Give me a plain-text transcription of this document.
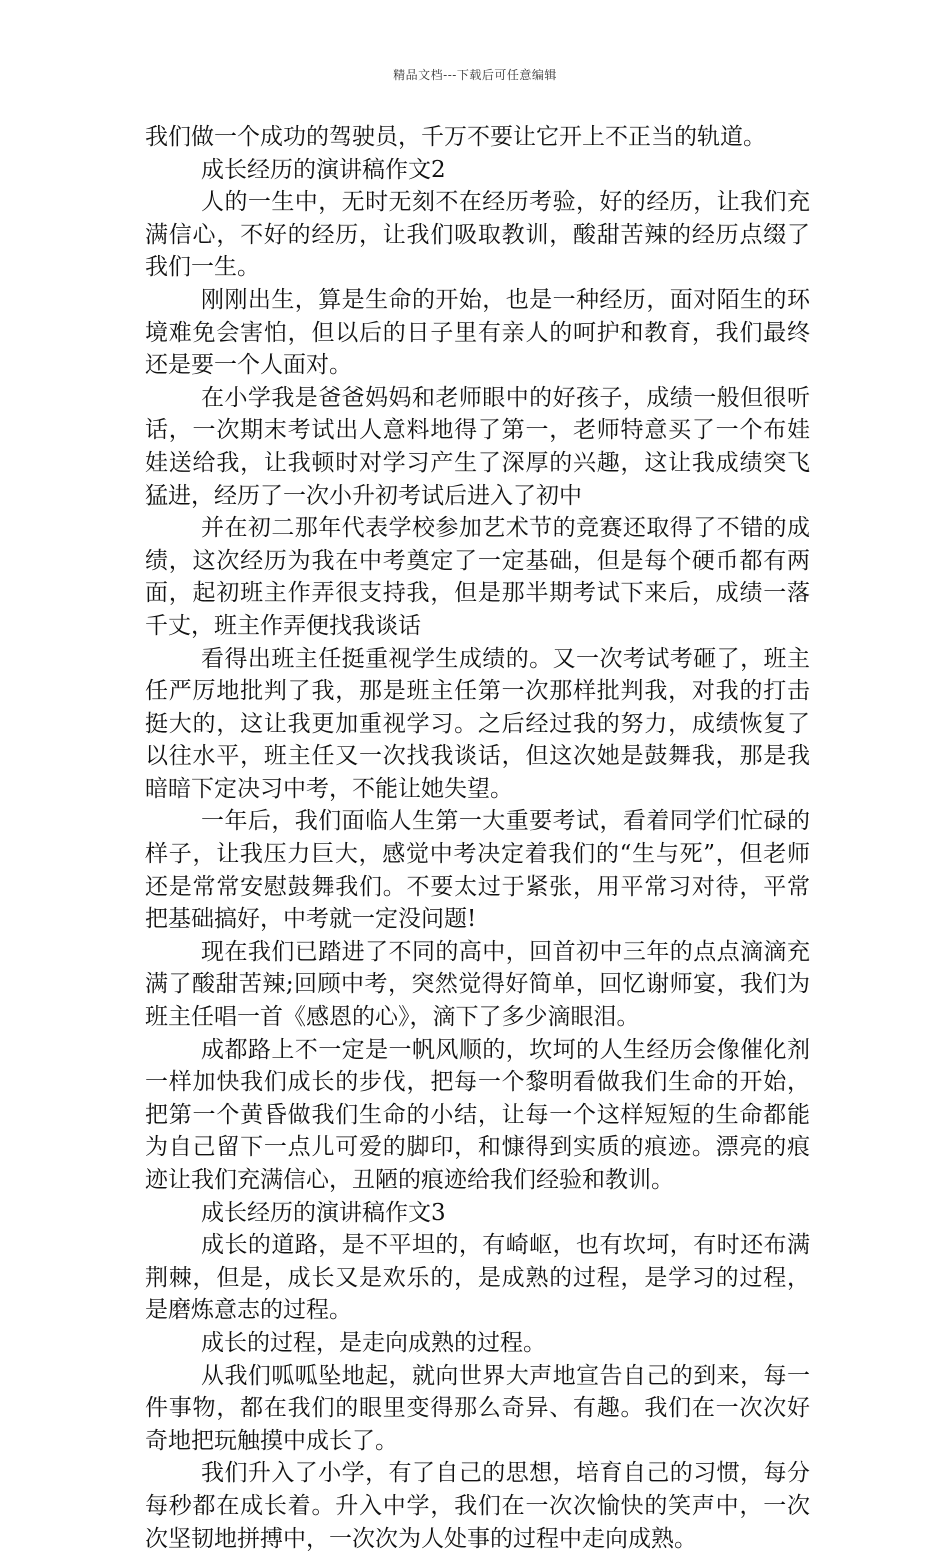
精品文档---下载后可任意编辑

我们做一个成功的驾驶员，千万不要让它开上不正当的轨道。

成长经历的演讲稿作文2

人的一生中，无时无刻不在经历考验，好的经历，让我们充满信心，不好的经历，让我们吸取教训，酸甜苦辣的经历点缀了我们一生。

刚刚出生，算是生命的开始，也是一种经历，面对陌生的环境难免会害怕，但以后的日子里有亲人的呵护和教育，我们最终还是要一个人面对。

在小学我是爸爸妈妈和老师眼中的好孩子，成绩一般但很听话，一次期末考试出人意料地得了第一，老师特意买了一个布娃娃送给我，让我顿时对学习产生了深厚的兴趣，这让我成绩突飞猛进，经历了一次小升初考试后进入了初中

并在初二那年代表学校参加艺术节的竞赛还取得了不错的成绩，这次经历为我在中考奠定了一定基础，但是每个硬币都有两面，起初班主作弄很支持我，但是那半期考试下来后，成绩一落千丈，班主作弄便找我谈话

看得出班主任挺重视学生成绩的。又一次考试考砸了，班主任严厉地批判了我，那是班主任第一次那样批判我，对我的打击挺大的，这让我更加重视学习。之后经过我的努力，成绩恢复了以往水平，班主任又一次找我谈话，但这次她是鼓舞我，那是我暗暗下定决习中考，不能让她失望。

一年后，我们面临人生第一大重要考试，看着同学们忙碌的样子，让我压力巨大，感觉中考决定着我们的“生与死”，但老师还是常常安慰鼓舞我们。不要太过于紧张，用平常习对待，平常把基础搞好，中考就一定没问题!

现在我们已踏进了不同的高中，回首初中三年的点点滴滴充满了酸甜苦辣;回顾中考，突然觉得好简单，回忆谢师宴，我们为班主任唱一首《感恩的心》，滴下了多少滴眼泪。

成都路上不一定是一帆风顺的，坎坷的人生经历会像催化剂一样加快我们成长的步伐，把每一个黎明看做我们生命的开始，把第一个黄昏做我们生命的小结，让每一个这样短短的生命都能为自己留下一点儿可爱的脚印，和慷得到实质的痕迹。漂亮的痕迹让我们充满信心，丑陋的痕迹给我们经验和教训。

成长经历的演讲稿作文3

成长的道路，是不平坦的，有崎岖，也有坎坷，有时还布满荆棘，但是，成长又是欢乐的，是成熟的过程，是学习的过程，是磨炼意志的过程。

成长的过程，是走向成熟的过程。

从我们呱呱坠地起，就向世界大声地宣告自己的到来，每一件事物，都在我们的眼里变得那么奇异、有趣。我们在一次次好奇地把玩触摸中成长了。

我们升入了小学，有了自己的思想，培育自己的习惯，每分每秒都在成长着。升入中学，我们在一次次愉快的笑声中，一次次坚韧地拼搏中，一次次为人处事的过程中走向成熟。
